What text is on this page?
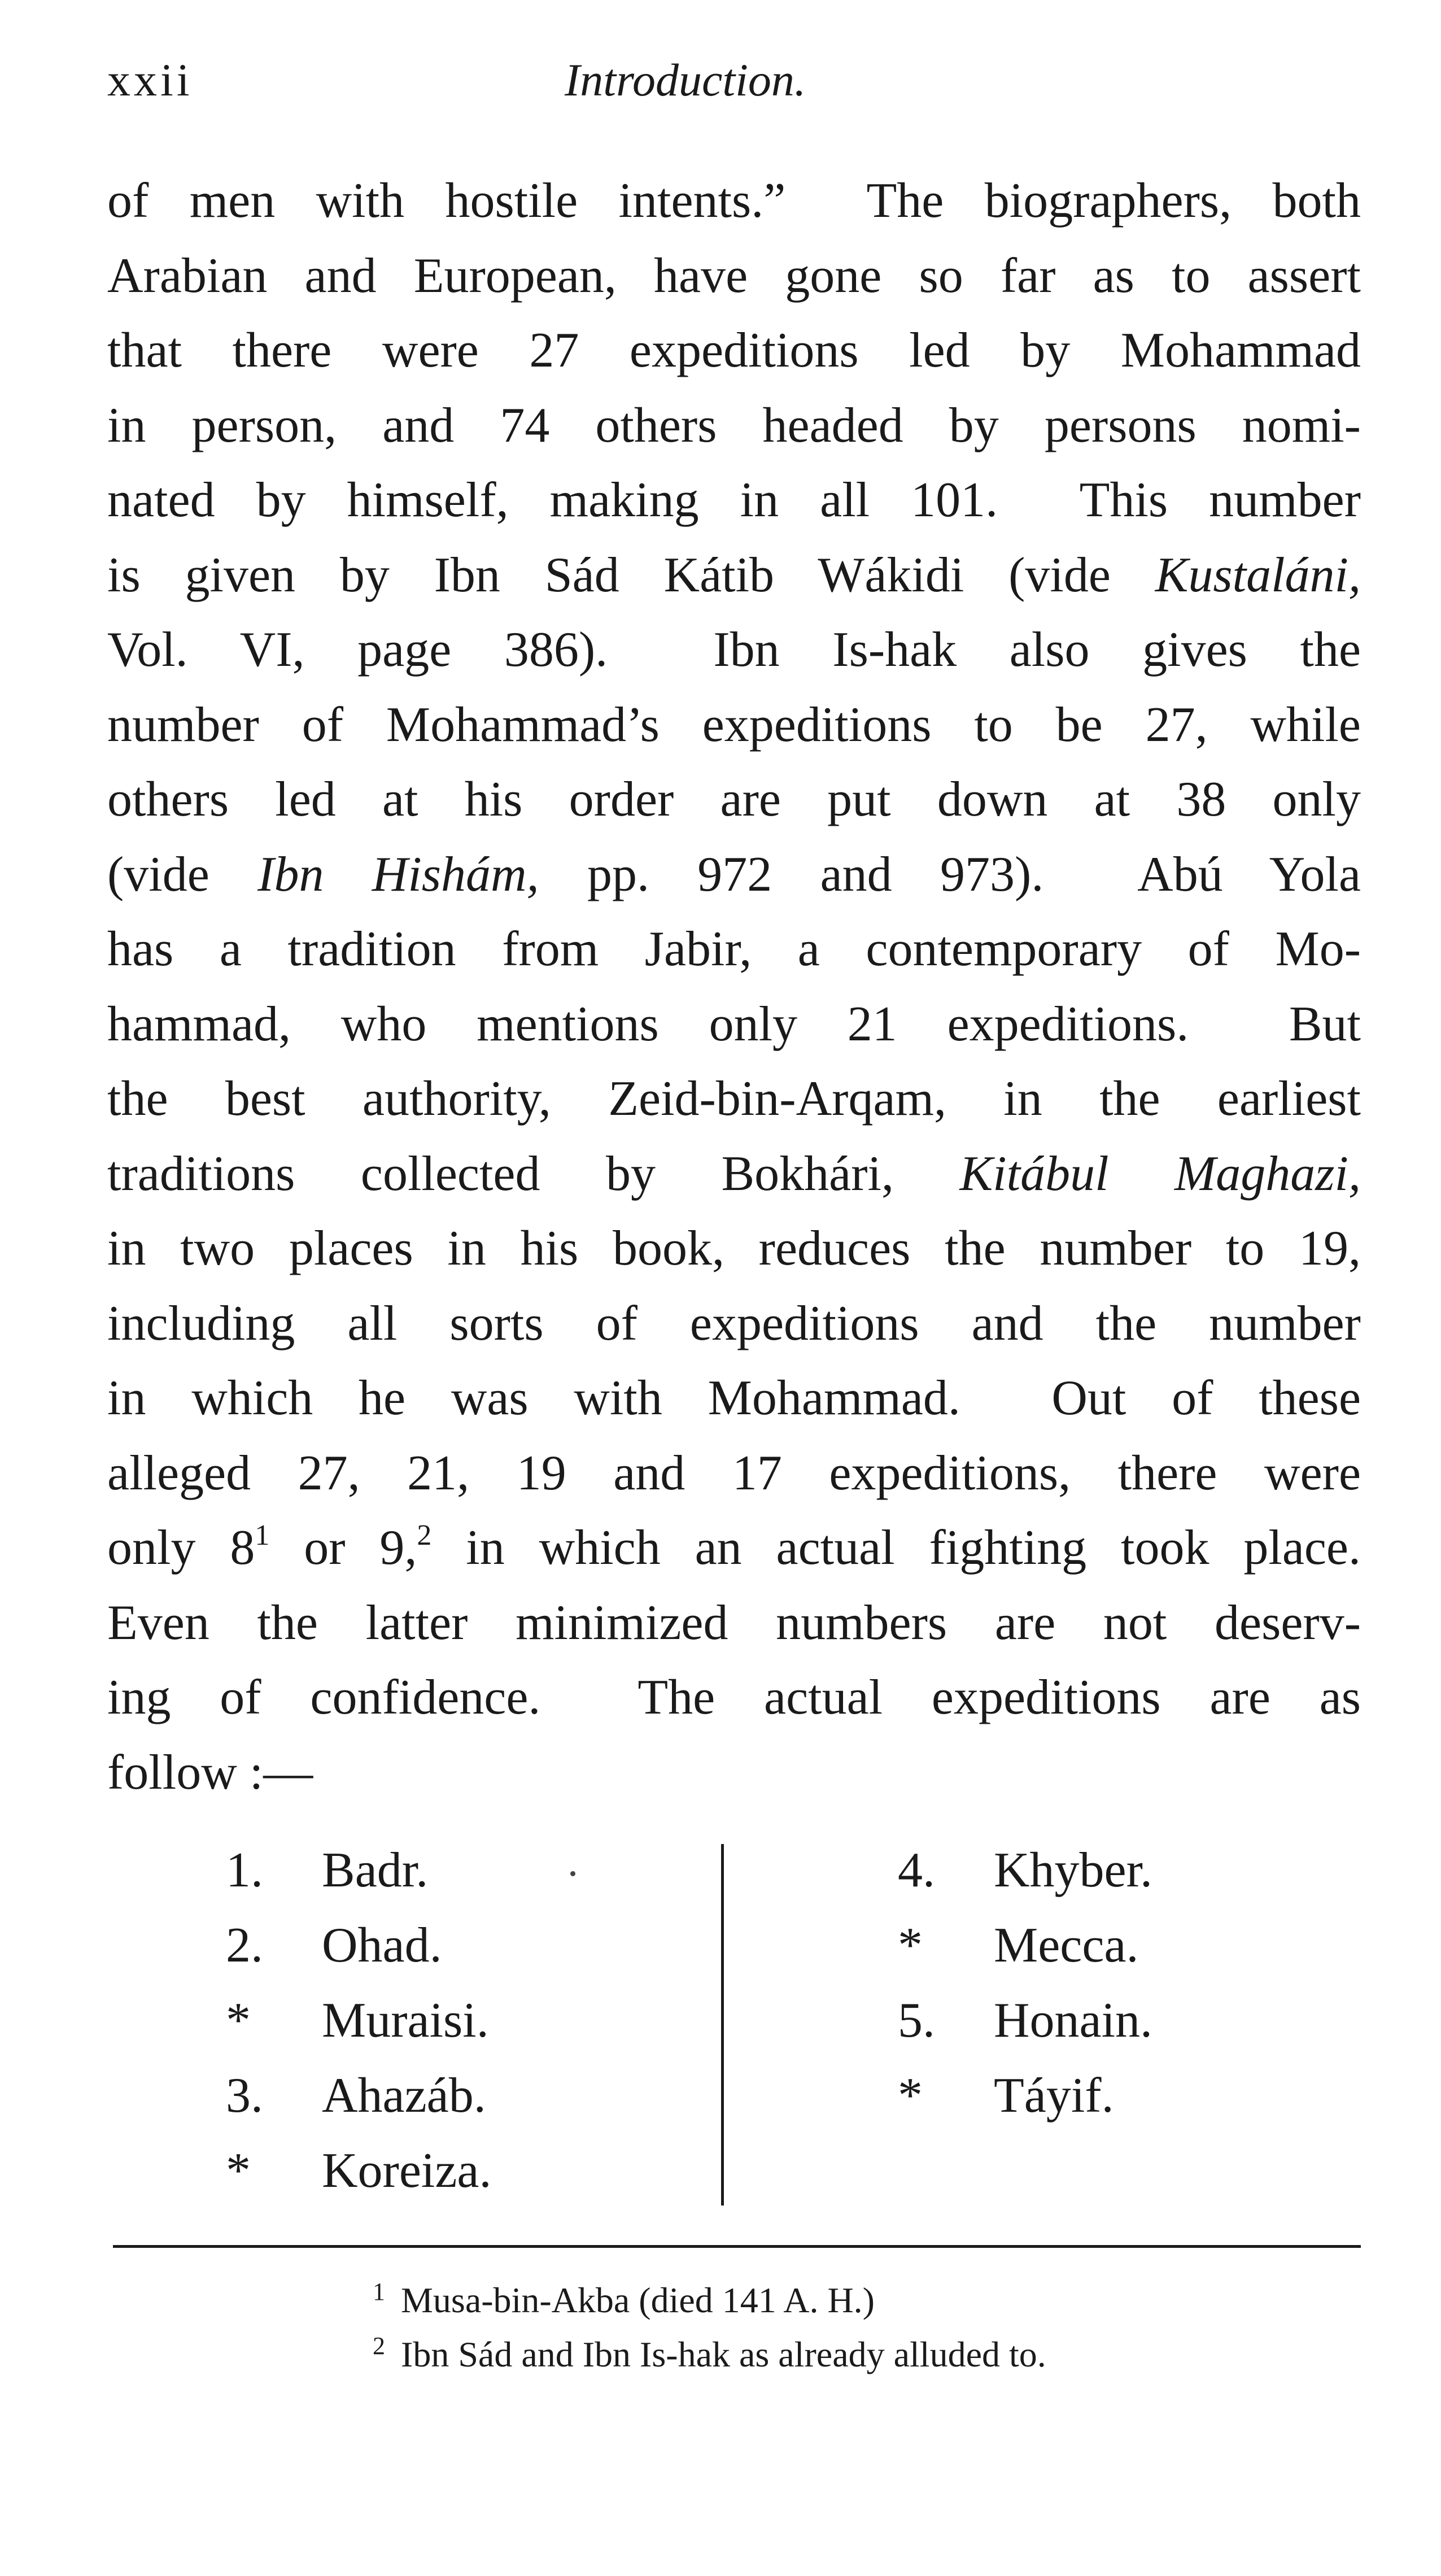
xxii	Introduction.
of men with hostile intents.”  The biographers, both
Arabian and European, have gone so far as to assert
that there were 27 expeditions led by Mohammad
in person, and 74 others headed by persons nomi-
nated by himself, making in all 101.  This number
is given by Ibn Sád Kátib Wákidi (vide Kustaláni,
Vol. VI, page 386).  Ibn Is-hak also gives the
number of Mohammad’s expeditions to be 27, while
others led at his order are put down at 38 only
(vide Ibn Hishám, pp. 972 and 973).  Abú Yola
has a tradition from Jabir, a contemporary of Mo-
hammad, who mentions only 21 expeditions.  But
the best authority, Zeid-bin-Arqam, in the earliest
traditions collected by Bokhári, Kitábul Maghazi,
in two places in his book, reduces the number to 19,
including all sorts of expeditions and the number
in which he was with Mohammad.  Out of these
alleged 27, 21, 19 and 17 expeditions, there were
only 8$^1$ or 9,$^2$ in which an actual fighting took place.
Even the latter minimized numbers are not deserv-
ing of confidence.  The actual expeditions are as
follow :—
1. Badr.
2. Ohad.
* Muraisi.
3. Ahazáb.
* Koreiza.
4. Khyber.
* Mecca.
5. Honain.
* Táyif.
1 Musa-bin-Akba (died 141 A. H.)
2 Ibn Sád and Ibn Is-hak as already alluded to.
